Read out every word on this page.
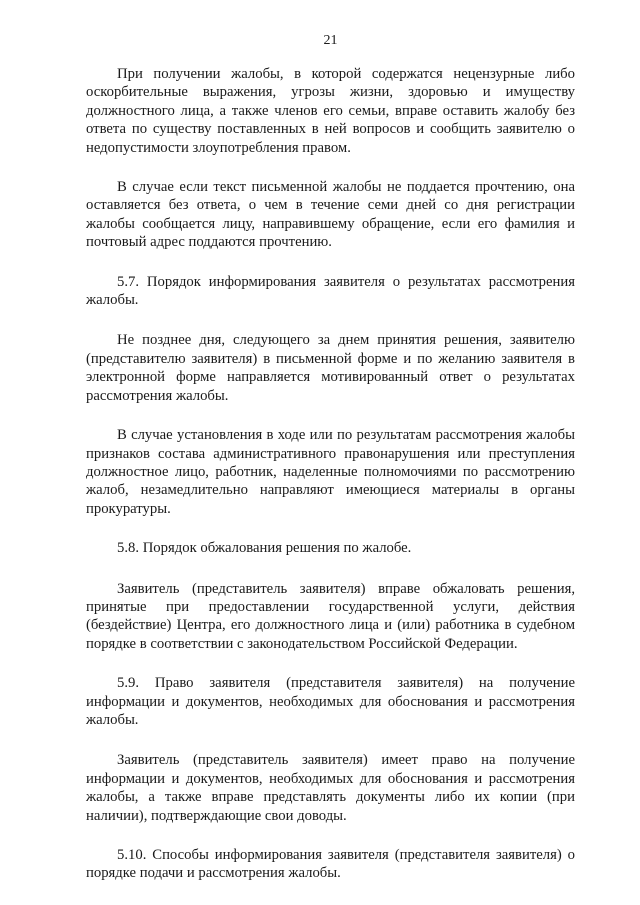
21

При получении жалобы, в которой содержатся нецензурные либо оскорбительные выражения, угрозы жизни, здоровью и имуществу должностного лица, а также членов его семьи, вправе оставить жалобу без ответа по существу поставленных в ней вопросов и сообщить заявителю о недопустимости злоупотребления правом.

В случае если текст письменной жалобы не поддается прочтению, она оставляется без ответа, о чем в течение семи дней со дня регистрации жалобы сообщается лицу, направившему обращение, если его фамилия и почтовый адрес поддаются прочтению.

5.7. Порядок информирования заявителя о результатах рассмотрения жалобы.

Не позднее дня, следующего за днем принятия решения, заявителю (представителю заявителя) в письменной форме и по желанию заявителя в электронной форме направляется мотивированный ответ о результатах рассмотрения жалобы.

В случае установления в ходе или по результатам рассмотрения жалобы признаков состава административного правонарушения или преступления должностное лицо, работник, наделенные полномочиями по рассмотрению жалоб, незамедлительно направляют имеющиеся материалы в органы прокуратуры.

5.8. Порядок обжалования решения по жалобе.

Заявитель (представитель заявителя) вправе обжаловать решения, принятые при предоставлении государственной услуги, действия (бездействие) Центра, его должностного лица и (или) работника в судебном порядке в соответствии с законодательством Российской Федерации.

5.9. Право заявителя (представителя заявителя) на получение информации и документов, необходимых для обоснования и рассмотрения жалобы.

Заявитель (представитель заявителя) имеет право на получение информации и документов, необходимых для обоснования и рассмотрения жалобы, а также вправе представлять документы либо их копии (при наличии), подтверждающие свои доводы.

5.10. Способы информирования заявителя (представителя заявителя) о порядке подачи и рассмотрения жалобы.
